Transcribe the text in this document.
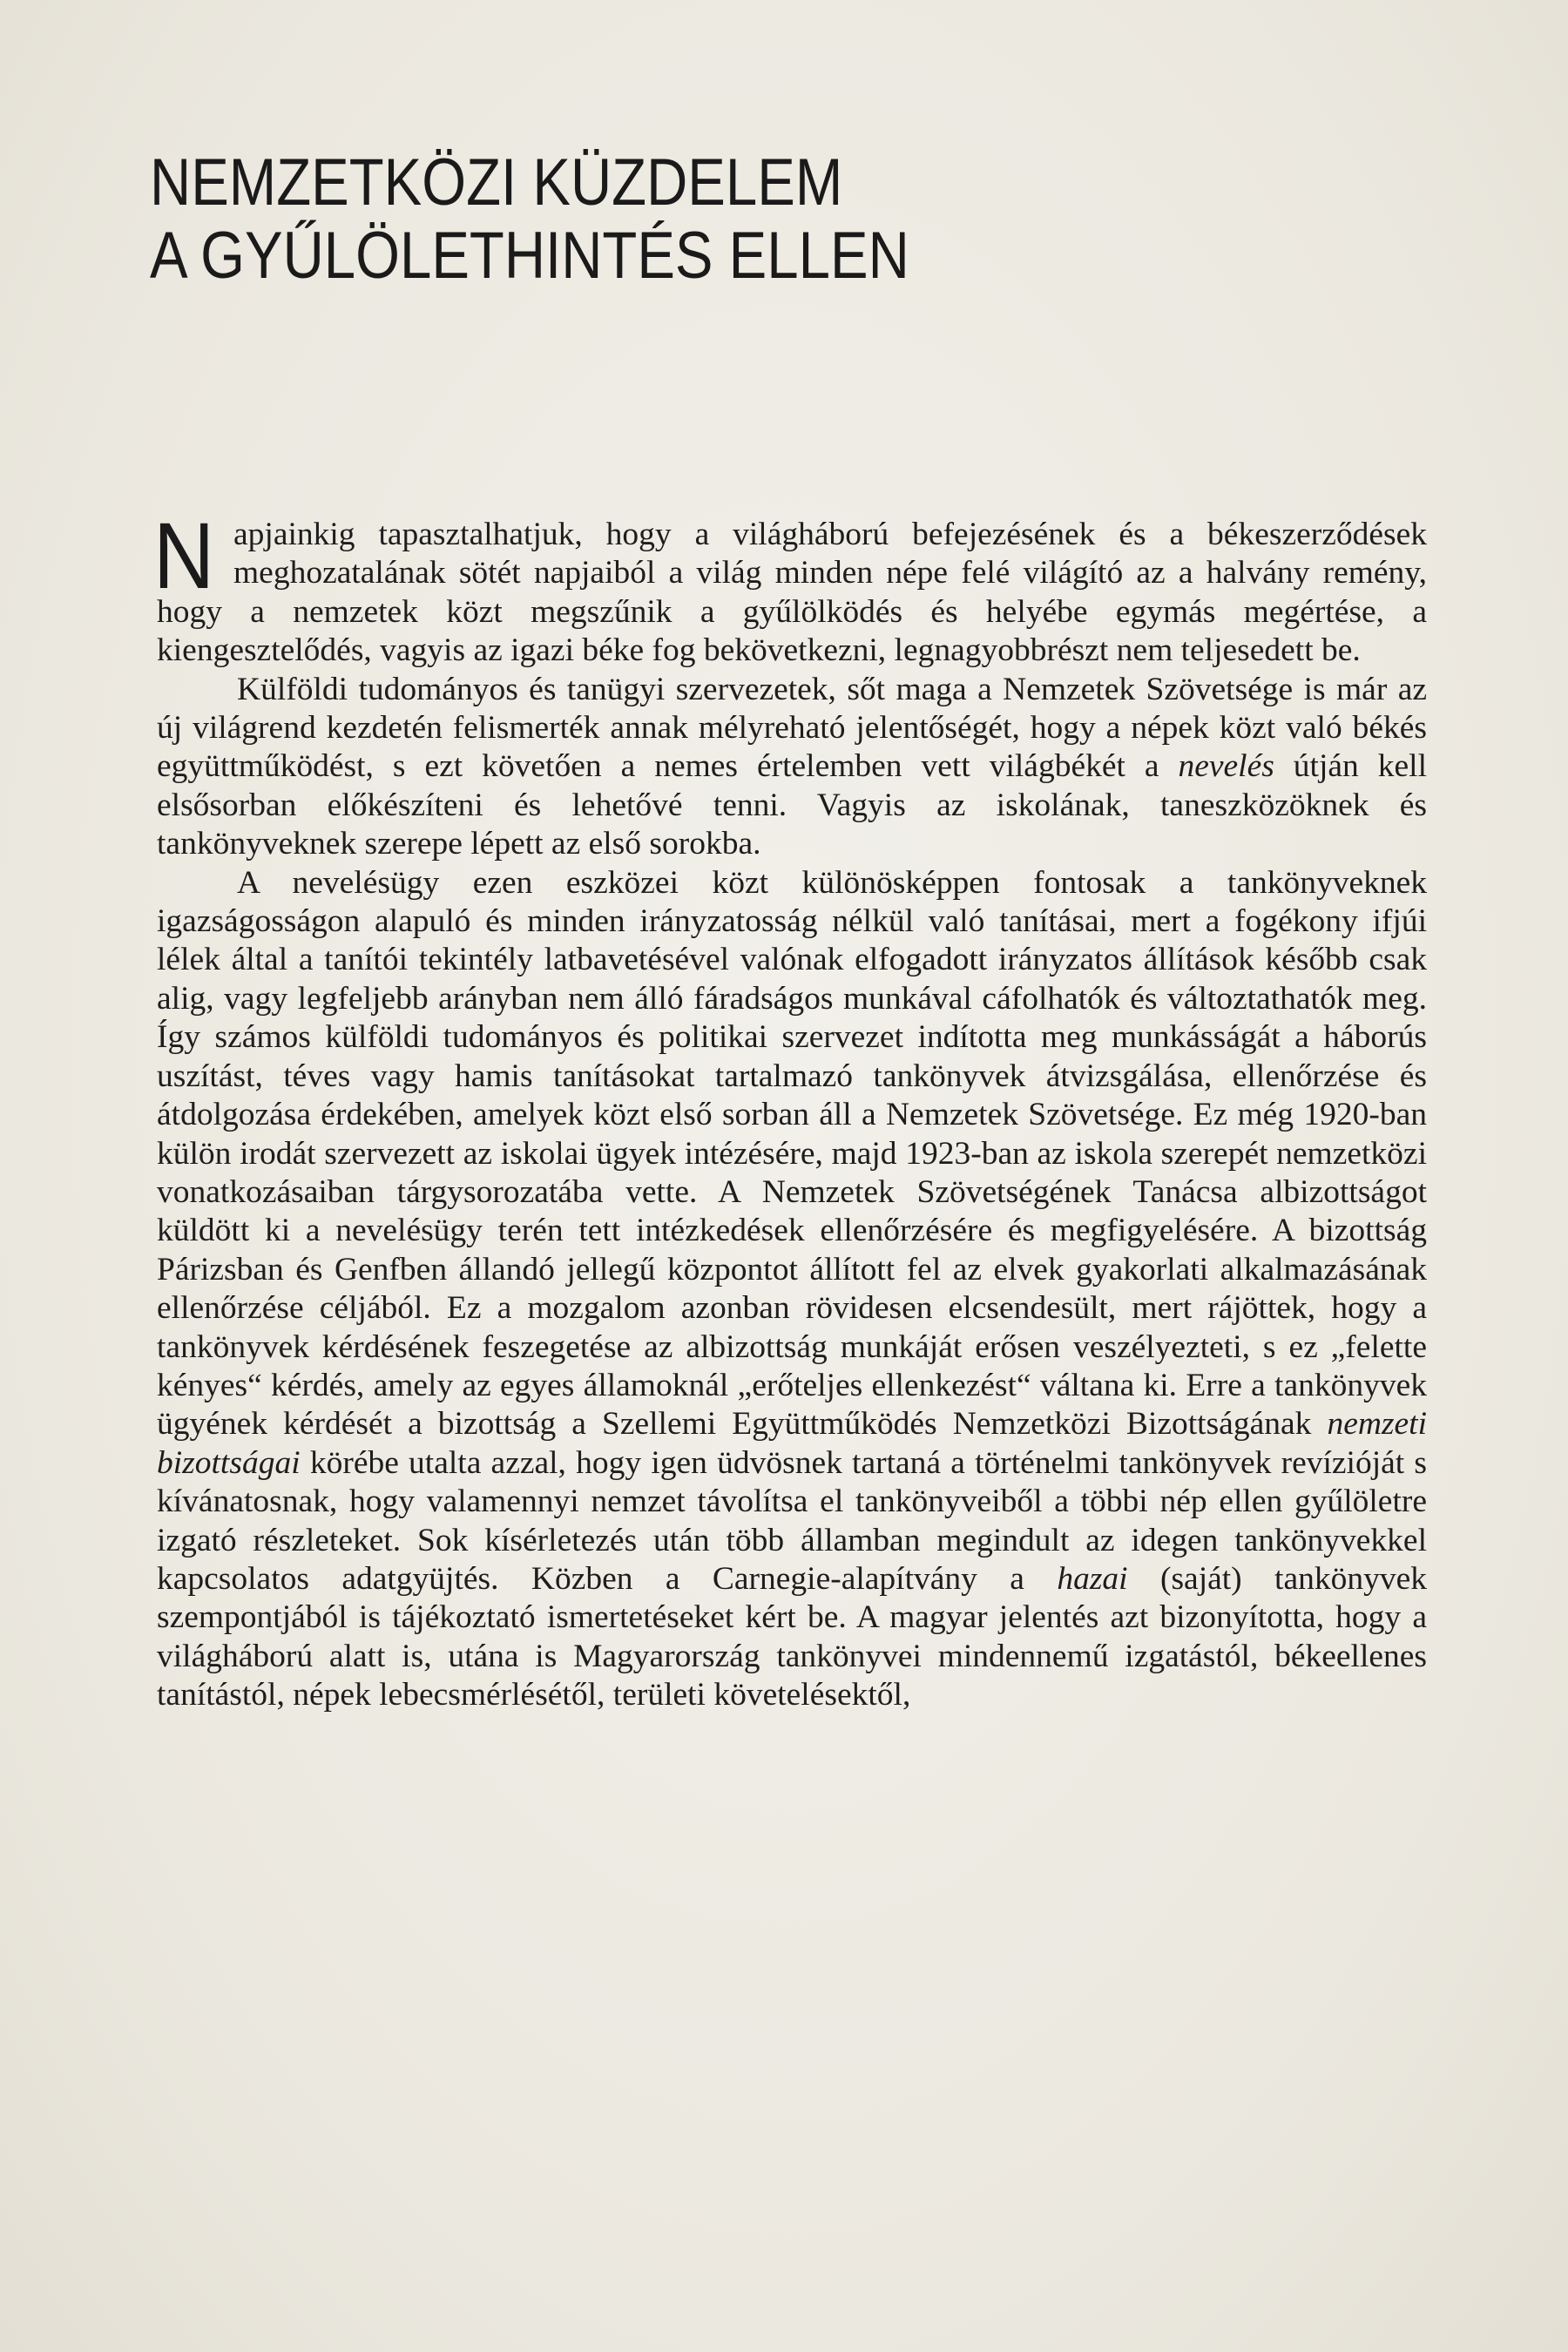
NEMZETKÖZI KÜZDELEM
A GYŰLÖLETHINTÉS ELLEN

Napjainkig tapasztalhatjuk, hogy a világháború befejezésének és a békeszerződések meghozatalának sötét napjaiból a világ minden népe felé világító az a halvány remény, hogy a nemzetek közt megszűnik a gyűlölködés és helyébe egymás megértése, a kiengesztelődés, vagyis az igazi béke fog bekövetkezni, legnagyobbrészt nem teljesedett be.

Külföldi tudományos és tanügyi szervezetek, sőt maga a Nemzetek Szövetsége is már az új világrend kezdetén felismerték annak mélyreható jelentőségét, hogy a népek közt való békés együttműködést, s ezt követően a nemes értelemben vett világbékét a nevelés útján kell elsősorban előkészíteni és lehetővé tenni. Vagyis az iskolának, taneszközöknek és tankönyveknek szerepe lépett az első sorokba.

A nevelésügy ezen eszközei közt különösképpen fontosak a tankönyveknek igazságosságon alapuló és minden irányzatosság nélkül való tanításai, mert a fogékony ifjúi lélek által a tanítói tekintély latbavetésével valónak elfogadott irányzatos állítások később csak alig, vagy legfeljebb arányban nem álló fáradságos munkával cáfolhatók és változtathatók meg. Így számos külföldi tudományos és politikai szervezet indította meg munkásságát a háborús uszítást, téves vagy hamis tanításokat tartalmazó tankönyvek átvizsgálása, ellenőrzése és átdolgozása érdekében, amelyek közt első sorban áll a Nemzetek Szövetsége. Ez még 1920-ban külön irodát szervezett az iskolai ügyek intézésére, majd 1923-ban az iskola szerepét nemzetközi vonatkozásaiban tárgysorozatába vette. A Nemzetek Szövetségének Tanácsa albizottságot küldött ki a nevelésügy terén tett intézkedések ellenőrzésére és megfigyelésére. A bizottság Párizsban és Genfben állandó jellegű központot állított fel az elvek gyakorlati alkalmazásának ellenőrzése céljából. Ez a mozgalom azonban rövidesen elcsendesült, mert rájöttek, hogy a tankönyvek kérdésének feszegetése az albizottság munkáját erősen veszélyezteti, s ez „felette kényes“ kérdés, amely az egyes államoknál „erőteljes ellenkezést“ váltana ki. Erre a tankönyvek ügyének kérdését a bizottság a Szellemi Együttműködés Nemzetközi Bizottságának nemzeti bizottságai körébe utalta azzal, hogy igen üdvösnek tartaná a történelmi tankönyvek revízióját s kívánatosnak, hogy valamennyi nemzet távolítsa el tankönyveiből a többi nép ellen gyűlöletre izgató részleteket. Sok kísérletezés után több államban megindult az idegen tankönyvekkel kapcsolatos adatgyüjtés. Közben a Carnegie-alapítvány a hazai (saját) tankönyvek szempontjából is tájékoztató ismertetéseket kért be. A magyar jelentés azt bizonyította, hogy a világháború alatt is, utána is Magyarország tankönyvei mindennemű izgatástól, békeellenes tanítástól, népek lebecsmérlésétől, területi követelésektől,
